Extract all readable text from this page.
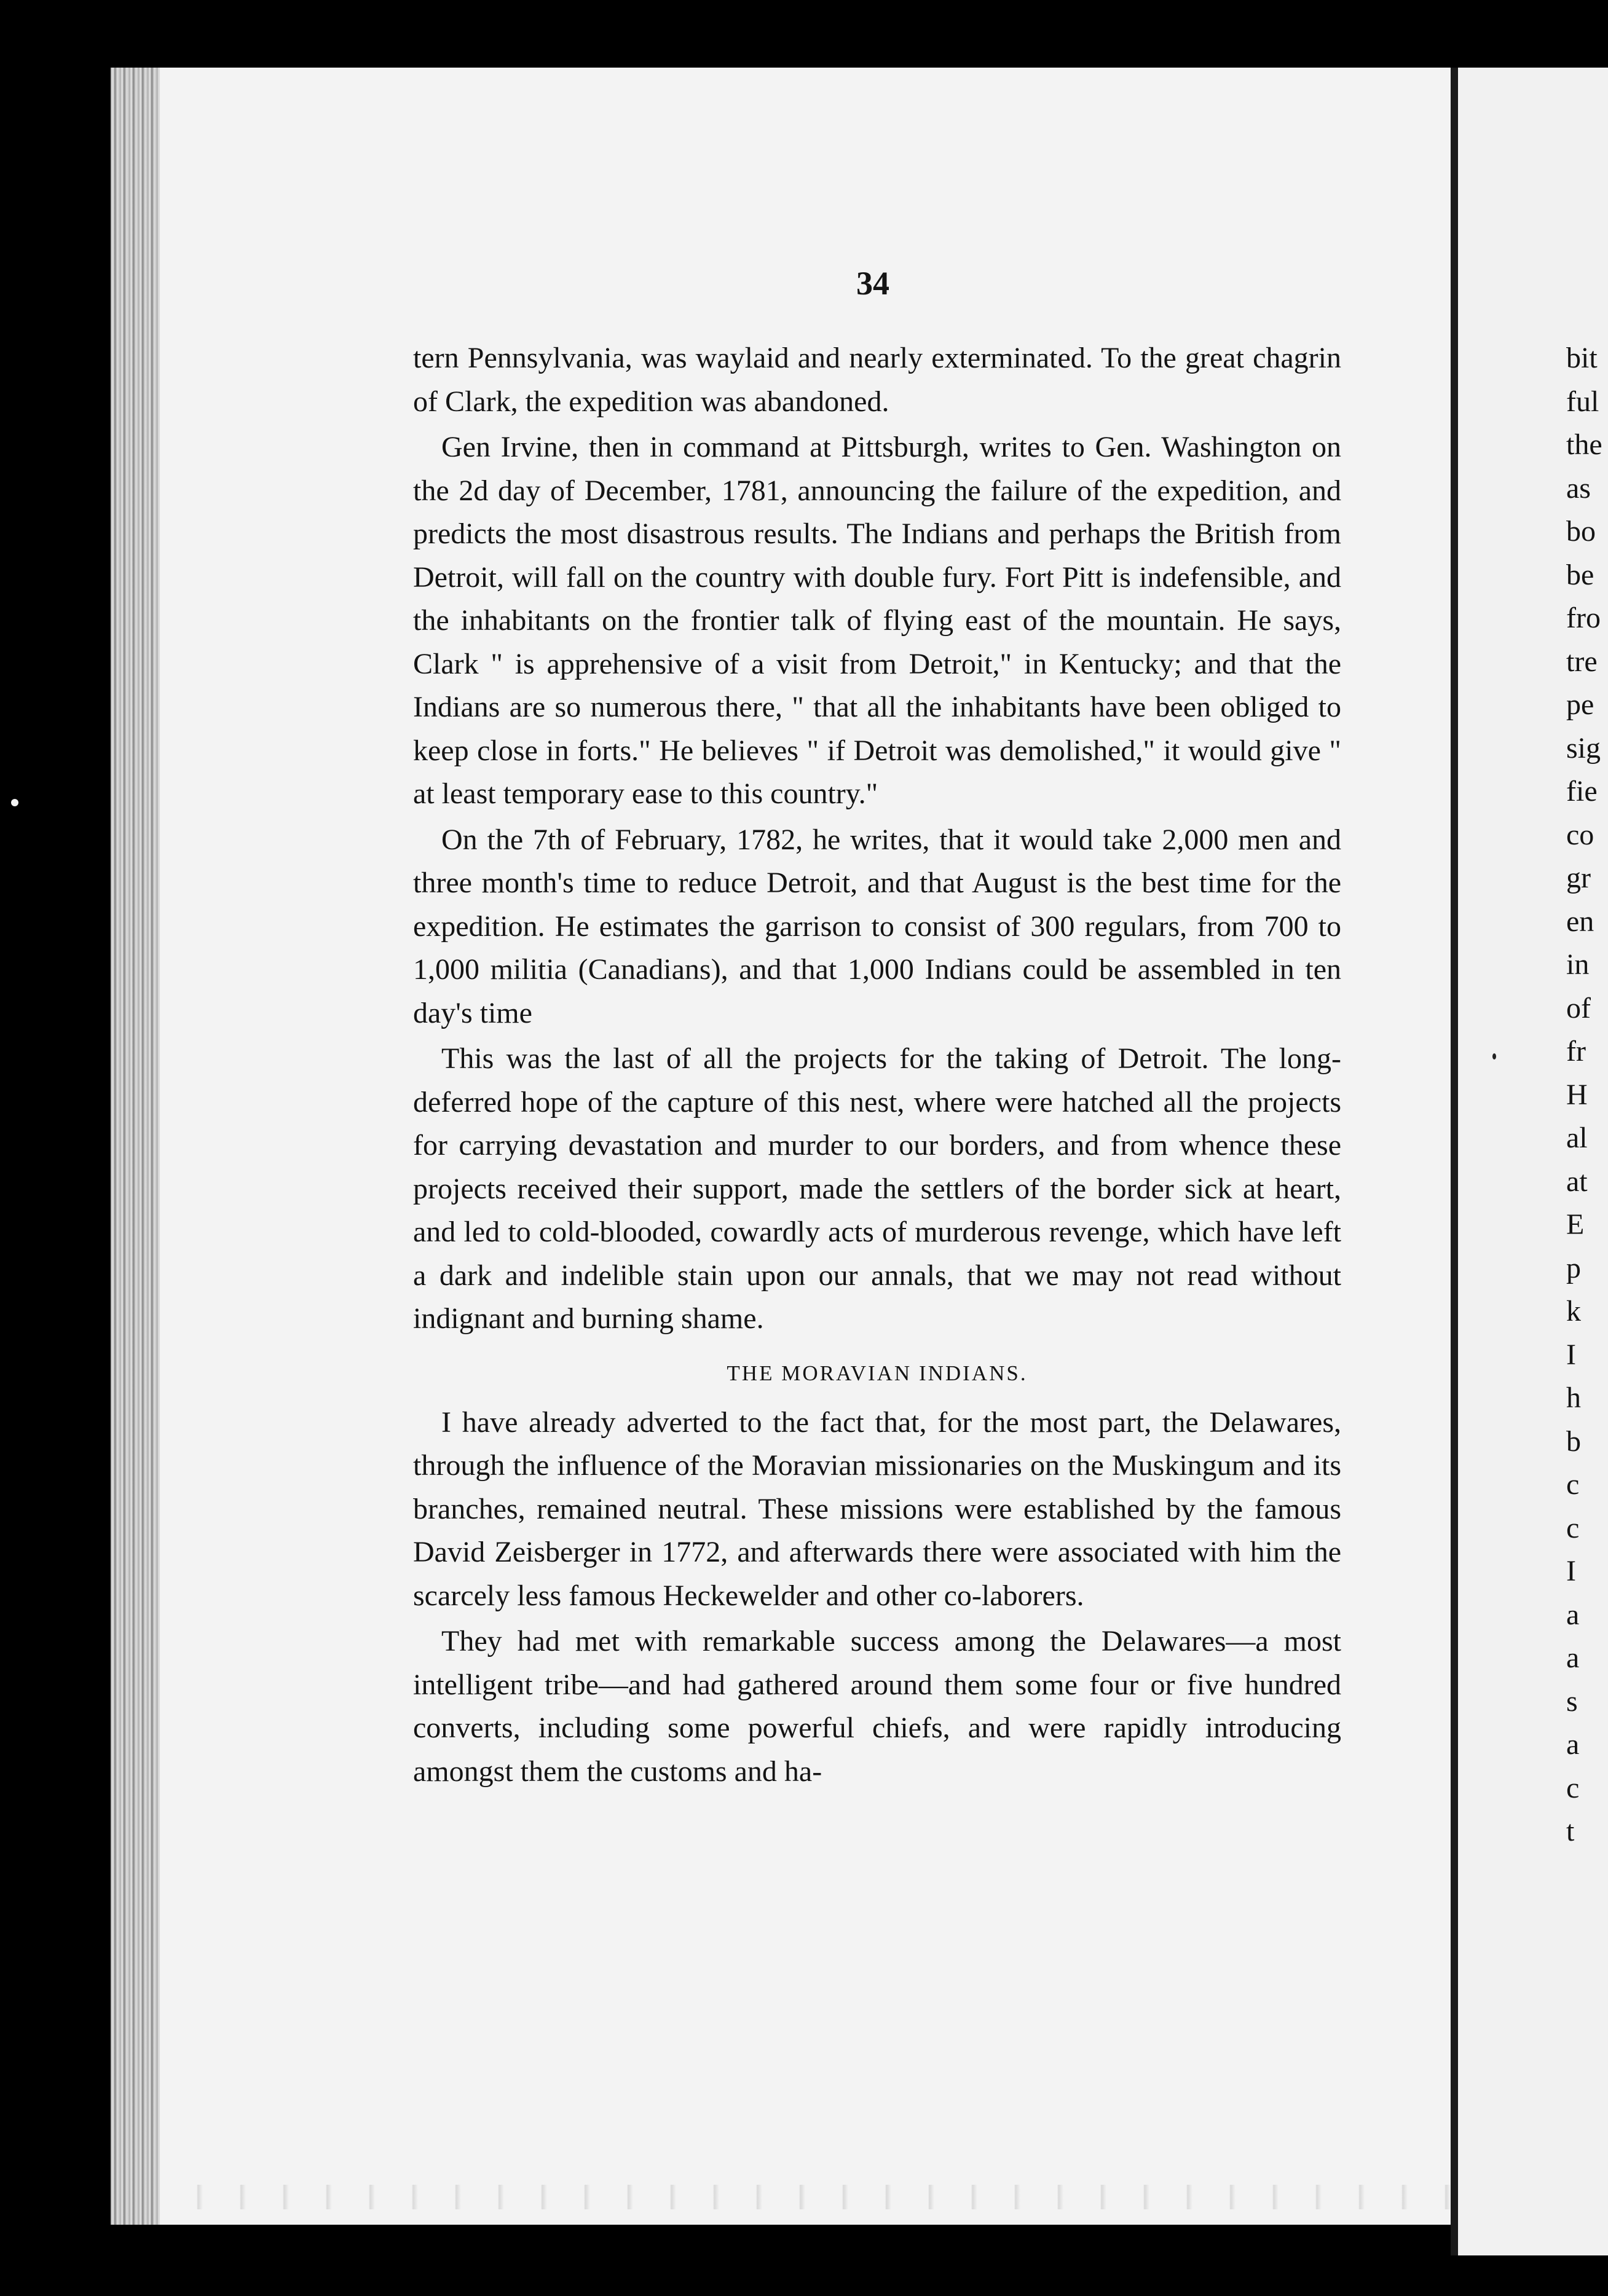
34

tern Pennsylvania, was waylaid and nearly exterminated. To the great chagrin of Clark, the expedition was abandoned.

Gen Irvine, then in command at Pittsburgh, writes to Gen. Washington on the 2d day of December, 1781, announcing the failure of the expedition, and predicts the most disastrous results. The Indians and perhaps the British from Detroit, will fall on the country with double fury. Fort Pitt is indefensible, and the inhabitants on the frontier talk of flying east of the mountain. He says, Clark " is apprehensive of a visit from Detroit," in Kentucky; and that the Indians are so numerous there, " that all the inhabitants have been obliged to keep close in forts." He believes " if Detroit was demolished," it would give " at least temporary ease to this country."

On the 7th of February, 1782, he writes, that it would take 2,000 men and three month's time to reduce Detroit, and that August is the best time for the expedition. He estimates the garrison to consist of 300 regulars, from 700 to 1,000 militia (Canadians), and that 1,000 Indians could be assembled in ten day's time

This was the last of all the projects for the taking of Detroit. The long-deferred hope of the capture of this nest, where were hatched all the projects for carrying devastation and murder to our borders, and from whence these projects received their support, made the settlers of the border sick at heart, and led to cold-blooded, cowardly acts of murderous revenge, which have left a dark and indelible stain upon our annals, that we may not read without indignant and burning shame.

THE MORAVIAN INDIANS.

I have already adverted to the fact that, for the most part, the Delawares, through the influence of the Moravian missionaries on the Muskingum and its branches, remained neutral. These missions were established by the famous David Zeisberger in 1772, and afterwards there were associated with him the scarcely less famous Heckewelder and other co-laborers.

They had met with remarkable success among the Delawares—a most intelligent tribe—and had gathered around them some four or five hundred converts, including some powerful chiefs, and were rapidly introducing amongst them the customs and ha-

bit
ful
the
as
bo
be
fro
tre
pe
sig
fie
co
gr
en
in
of
fr
H
al
at
E
p
k
I
h
b
c
c
I
a
a
s
a
c
t
